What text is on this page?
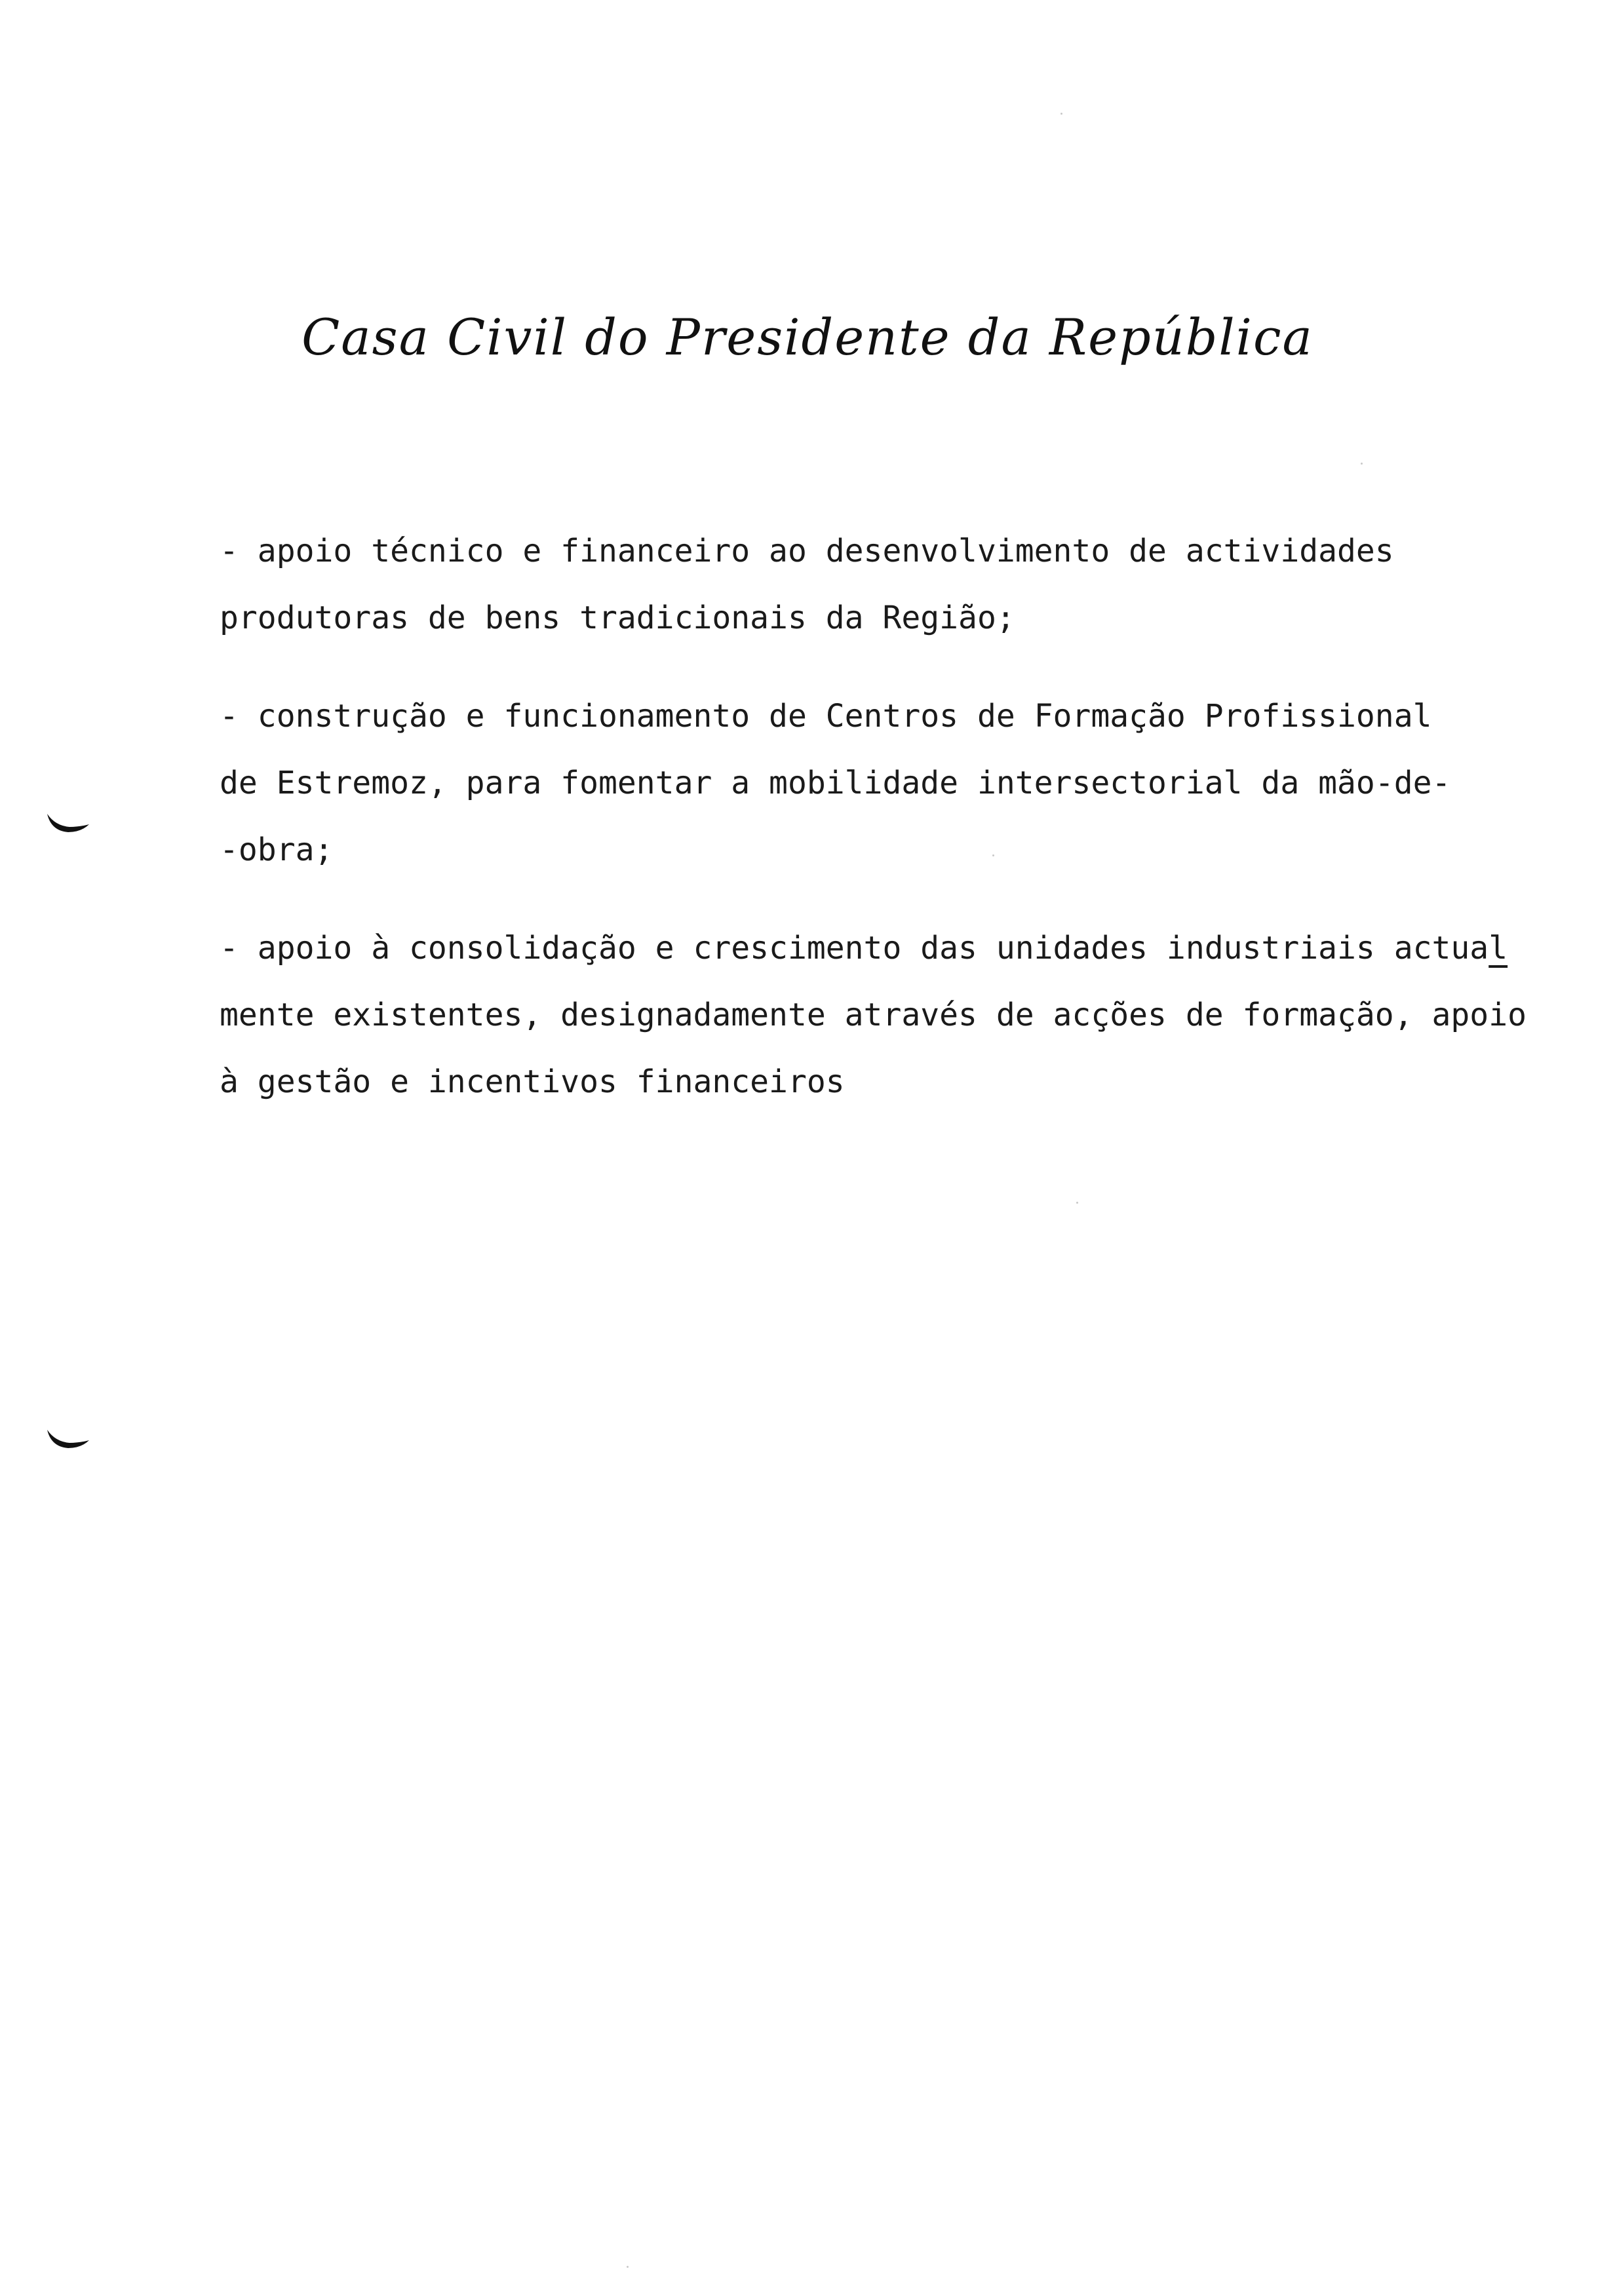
Casa Civil do Presidente da República
- apoio técnico e financeiro ao desenvolvimento de actividades
produtoras de bens tradicionais da Região;
- construção e funcionamento de Centros de Formação Profissional
de Estremoz, para fomentar a mobilidade intersectorial da mão-de-
-obra;
- apoio à consolidação e crescimento das unidades industriais actual
mente existentes, designadamente através de acções de formação, apoio
à gestão e incentivos financeiros
